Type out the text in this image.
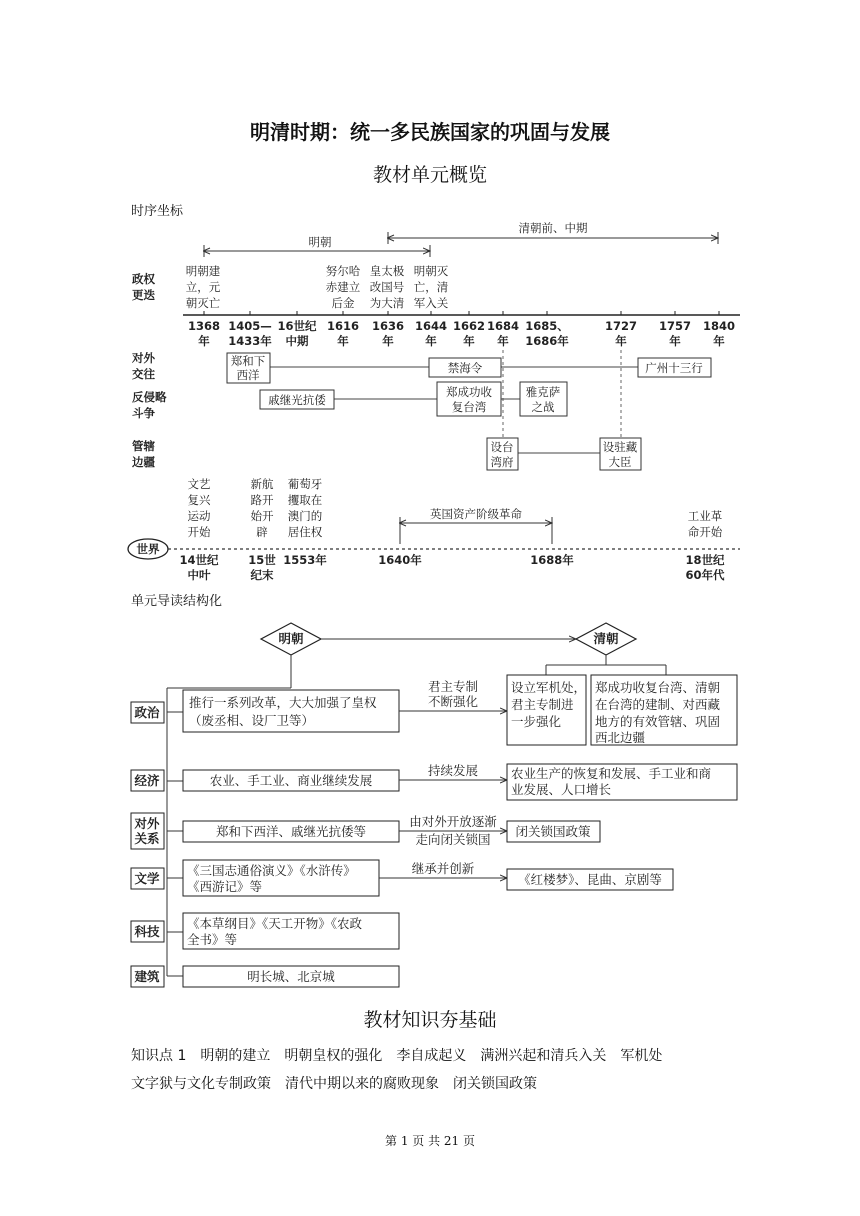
明清时期：统一多民族国家的巩固与发展
教材单元概览
时序坐标
明朝
清朝前、中期
政权
更迭
对外
交往
反侵略
斗争
管辖
边疆
明朝建
立，元
朝灭亡
努尔哈
赤建立
后金
皇太极
改国号
为大清
明朝灭
亡，清
军入关
1368
年
1405—
1433年
16世纪
中期
1616
年
1636
年
1644
年
1662
年
1684
年
1685、
1686年
1727
年
1757
年
1840
年
郑和下
西洋	禁海令	广州十三行
戚继光抗倭
郑成功收
复台湾
雅克萨
之战
设台
湾府
设驻藏
大臣
文艺
复兴
运动
开始
新航
路开
始开
辟
葡萄牙
攫取在
澳门的
居住权
工业革
命开始
英国资产阶级革命
世界
14世纪
中叶
15世
纪末
1553年	1640年	1688年	18世纪
60年代
单元导读结构化
明朝	清朝
政治
经济
对外
关系
文学
科技
建筑
推行一系列改革，大大加强了皇权
（废丞相、设厂卫等）
君主专制
不断强化
设立军机处，
君主专制进
一步强化
郑成功收复台湾、清朝
在台湾的建制、对西藏
地方的有效管辖、巩固
西北边疆
农业、手工业、商业继续发展
持续发展	农业生产的恢复和发展、手工业和商
业发展、人口增长
郑和下西洋、戚继光抗倭等
由对外开放逐渐
走向闭关锁国
闭关锁国政策
《三国志通俗演义》《水浒传》
《西游记》等
继承并创新
《红楼梦》、昆曲、京剧等
《本草纲目》《天工开物》《农政
全书》等
明长城、北京城
教材知识夯基础
知识点 1　明朝的建立　明朝皇权的强化　李自成起义　满洲兴起和清兵入关　军机处
文字狱与文化专制政策　清代中期以来的腐败现象　闭关锁国政策
第 1 页 共 21 页
